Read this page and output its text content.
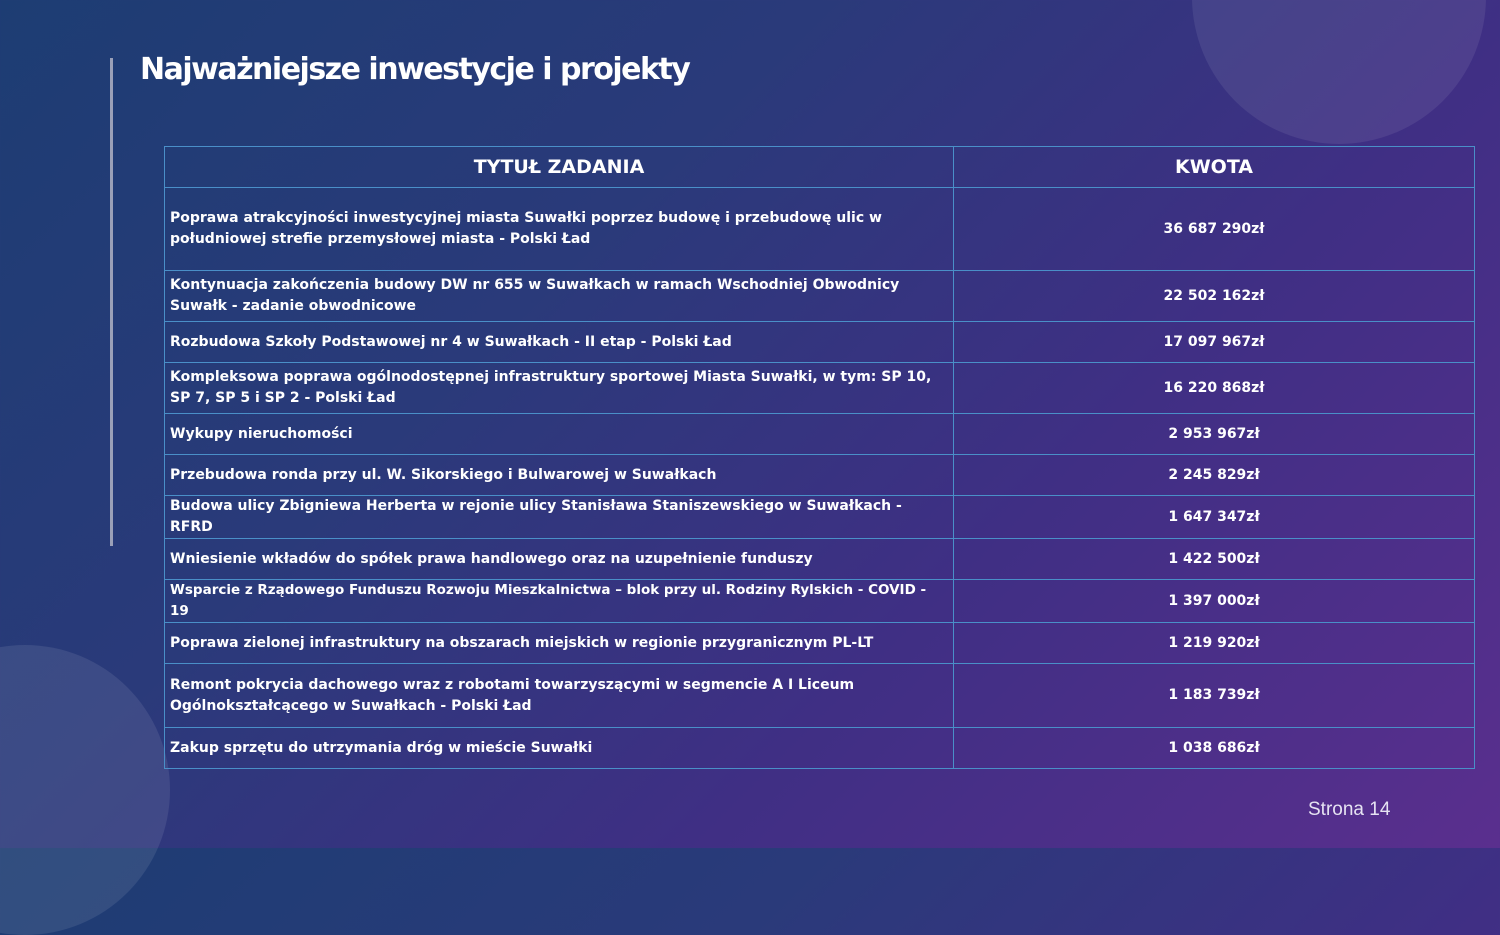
Najważniejsze inwestycje i projekty
TYTUŁ ZADANIA	KWOTA
Poprawa atrakcyjności inwestycyjnej miasta Suwałki poprzez budowę i przebudowę ulic w południowej strefie przemysłowej miasta - Polski Ład	36 687 290zł
Kontynuacja zakończenia budowy DW nr 655 w Suwałkach w ramach Wschodniej Obwodnicy Suwałk - zadanie obwodnicowe	22 502 162zł
Rozbudowa Szkoły Podstawowej nr 4 w Suwałkach - II etap - Polski Ład	17 097 967zł
Kompleksowa poprawa ogólnodostępnej infrastruktury sportowej Miasta Suwałki, w tym: SP 10, SP 7, SP 5 i SP 2 - Polski Ład	16 220 868zł
Wykupy nieruchomości	2 953 967zł
Przebudowa ronda przy ul. W. Sikorskiego i Bulwarowej w Suwałkach	2 245 829zł
Budowa ulicy Zbigniewa Herberta w rejonie ulicy Stanisława Staniszewskiego w Suwałkach - RFRD	1 647 347zł
Wniesienie wkładów do spółek prawa handlowego oraz na uzupełnienie funduszy	1 422 500zł
Wsparcie z Rządowego Funduszu Rozwoju Mieszkalnictwa – blok przy ul. Rodziny Rylskich - COVID - 19	1 397 000zł
Poprawa zielonej infrastruktury na obszarach miejskich w regionie przygranicznym PL-LT	1 219 920zł
Remont pokrycia dachowego wraz z robotami towarzyszącymi w segmencie A I Liceum Ogólnokształcącego w Suwałkach - Polski Ład	1 183 739zł
Zakup sprzętu do utrzymania dróg w mieście Suwałki	1 038 686zł
Strona 14
